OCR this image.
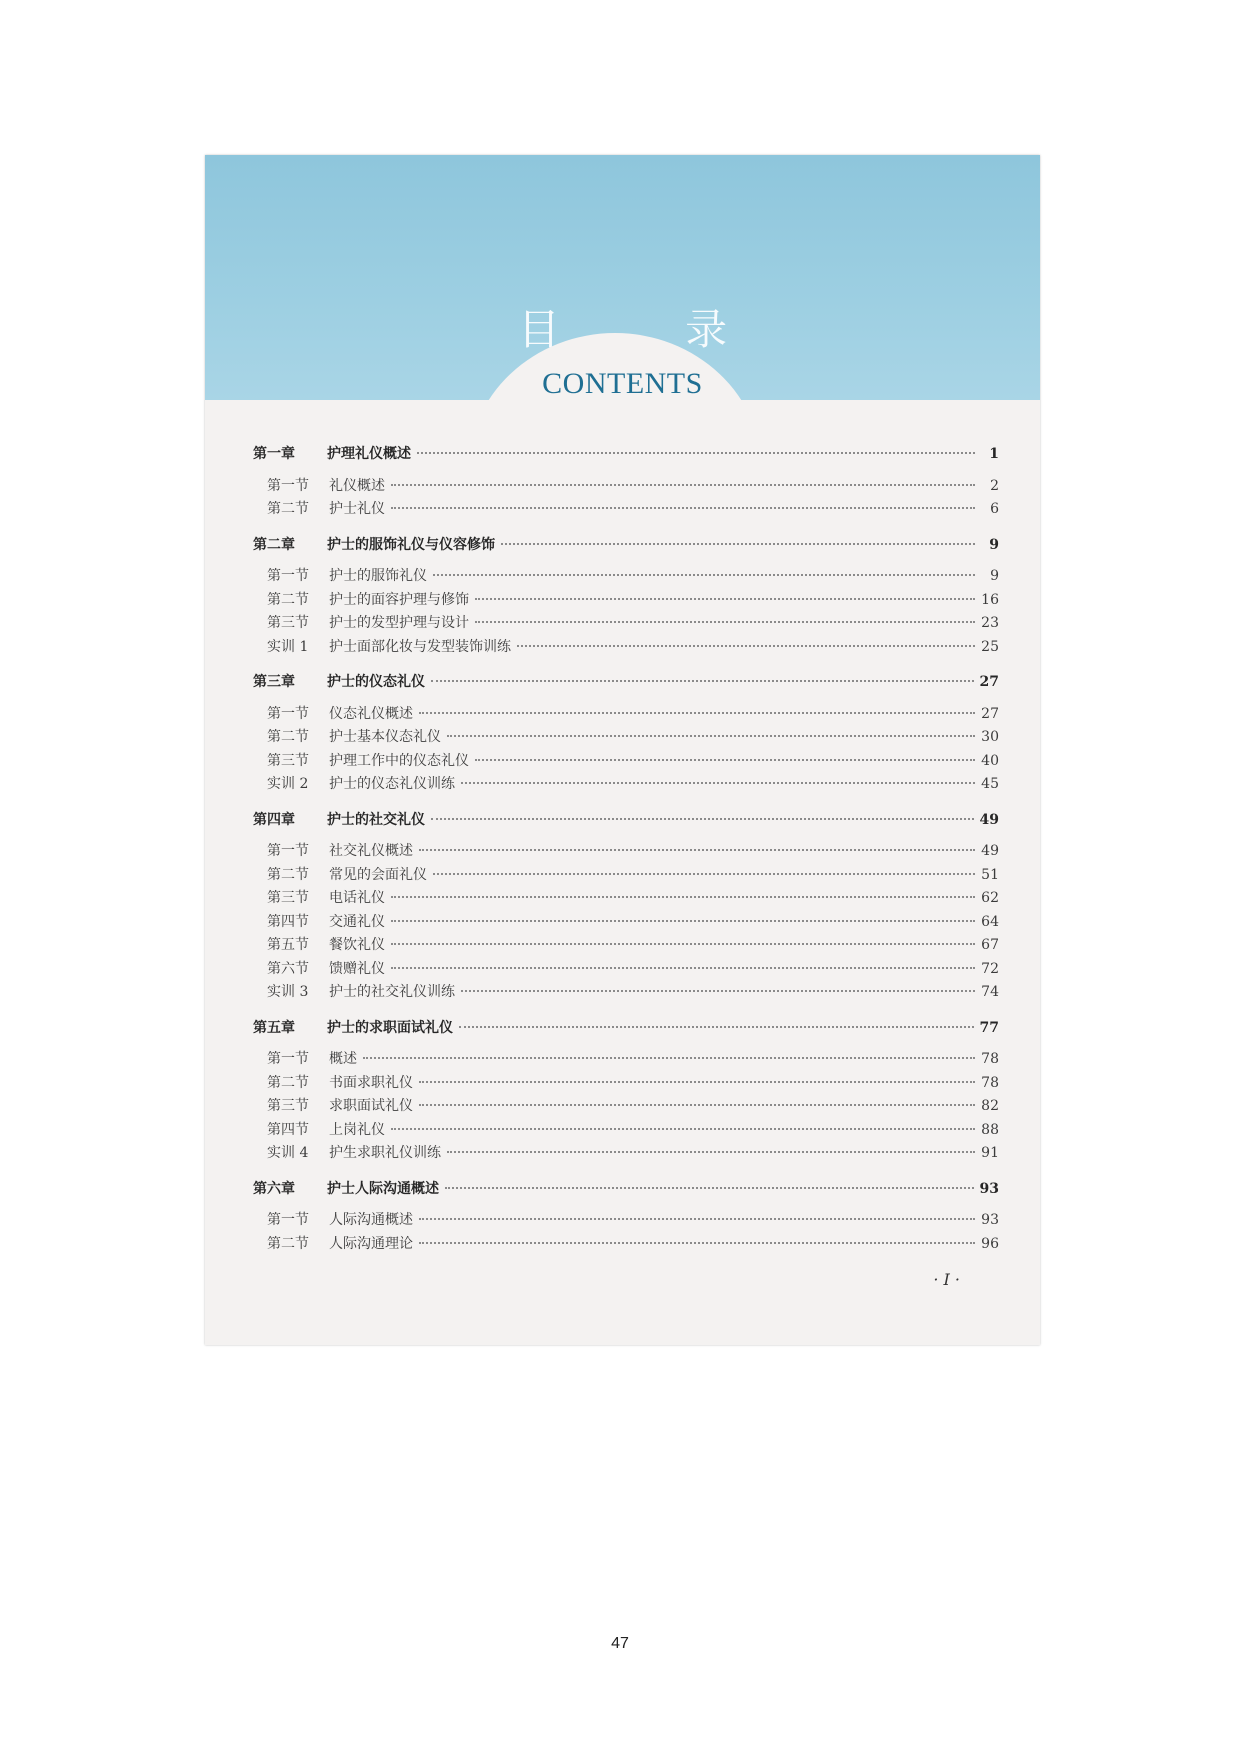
目 录
CONTENTS
第一章	护理礼仪概述	1
第一节	礼仪概述	2
第二节	护士礼仪	6
第二章	护士的服饰礼仪与仪容修饰	9
第一节	护士的服饰礼仪	9
第二节	护士的面容护理与修饰	16
第三节	护士的发型护理与设计	23
实训 1	护士面部化妆与发型装饰训练	25
第三章	护士的仪态礼仪	27
第一节	仪态礼仪概述	27
第二节	护士基本仪态礼仪	30
第三节	护理工作中的仪态礼仪	40
实训 2	护士的仪态礼仪训练	45
第四章	护士的社交礼仪	49
第一节	社交礼仪概述	49
第二节	常见的会面礼仪	51
第三节	电话礼仪	62
第四节	交通礼仪	64
第五节	餐饮礼仪	67
第六节	馈赠礼仪	72
实训 3	护士的社交礼仪训练	74
第五章	护士的求职面试礼仪	77
第一节	概述	78
第二节	书面求职礼仪	78
第三节	求职面试礼仪	82
第四节	上岗礼仪	88
实训 4	护生求职礼仪训练	91
第六章	护士人际沟通概述	93
第一节	人际沟通概述	93
第二节	人际沟通理论	96
· I ·
47
